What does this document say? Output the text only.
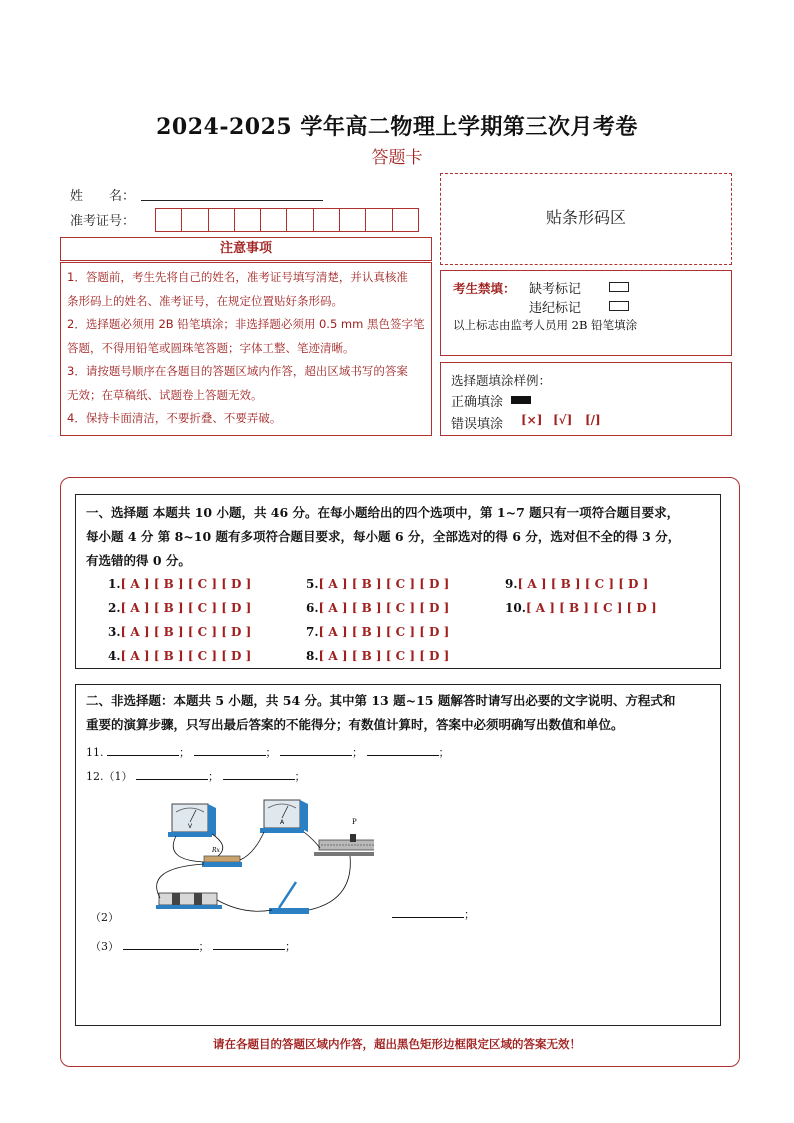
2024-2025 学年高二物理上学期第三次月考卷
答题卡
姓　　名：
准考证号：
注意事项

1．答题前，考生先将自己的姓名，准考证号填写清楚，并认真核准

条形码上的姓名、准考证号，在规定位置贴好条形码。

2．选择题必须用 2B 铅笔填涂；非选择题必须用 0.5 mm 黑色签字笔

答题，不得用铅笔或圆珠笔答题；字体工整、笔迹清晰。

3．请按题号顺序在各题目的答题区域内作答，超出区域书写的答案

无效；在草稿纸、试题卷上答题无效。

4．保持卡面清洁，不要折叠、不要弄破。

贴条形码区
考生禁填： 缺考标记
违纪标记
以上标志由监考人员用 2B 铅笔填涂
选择题填涂样例：
正确填涂
错误填涂 [×] [√] [/]
一、选择题 本题共 10 小题，共 46 分。在每小题给出的四个选项中，第 1~7 题只有一项符合题目要求，
每小题 4 分 第 8~10 题有多项符合题目要求，每小题 6 分，全部选对的得 6 分，选对但不全的得 3 分，
有选错的得 0 分。
1.[ A ] [ B ] [ C ] [ D ]
2.[ A ] [ B ] [ C ] [ D ]
3.[ A ] [ B ] [ C ] [ D ]
4.[ A ] [ B ] [ C ] [ D ]
5.[ A ] [ B ] [ C ] [ D ]
6.[ A ] [ B ] [ C ] [ D ]
7.[ A ] [ B ] [ C ] [ D ]
8.[ A ] [ B ] [ C ] [ D ]
9.[ A ] [ B ] [ C ] [ D ]
10.[ A ] [ B ] [ C ] [ D ]
二、非选择题：本题共 5 小题，共 54 分。其中第 13 题~15 题解答时请写出必要的文字说明、方程式和
重要的演算步骤，只写出最后答案的不能得分；有数值计算时，答案中必须明确写出数值和单位。
11.	；	；	；	；
12.（1）	；	；
V
A
Rx
P
（2）	；
（3）	；	；
请在各题目的答题区域内作答，超出黑色矩形边框限定区域的答案无效！
